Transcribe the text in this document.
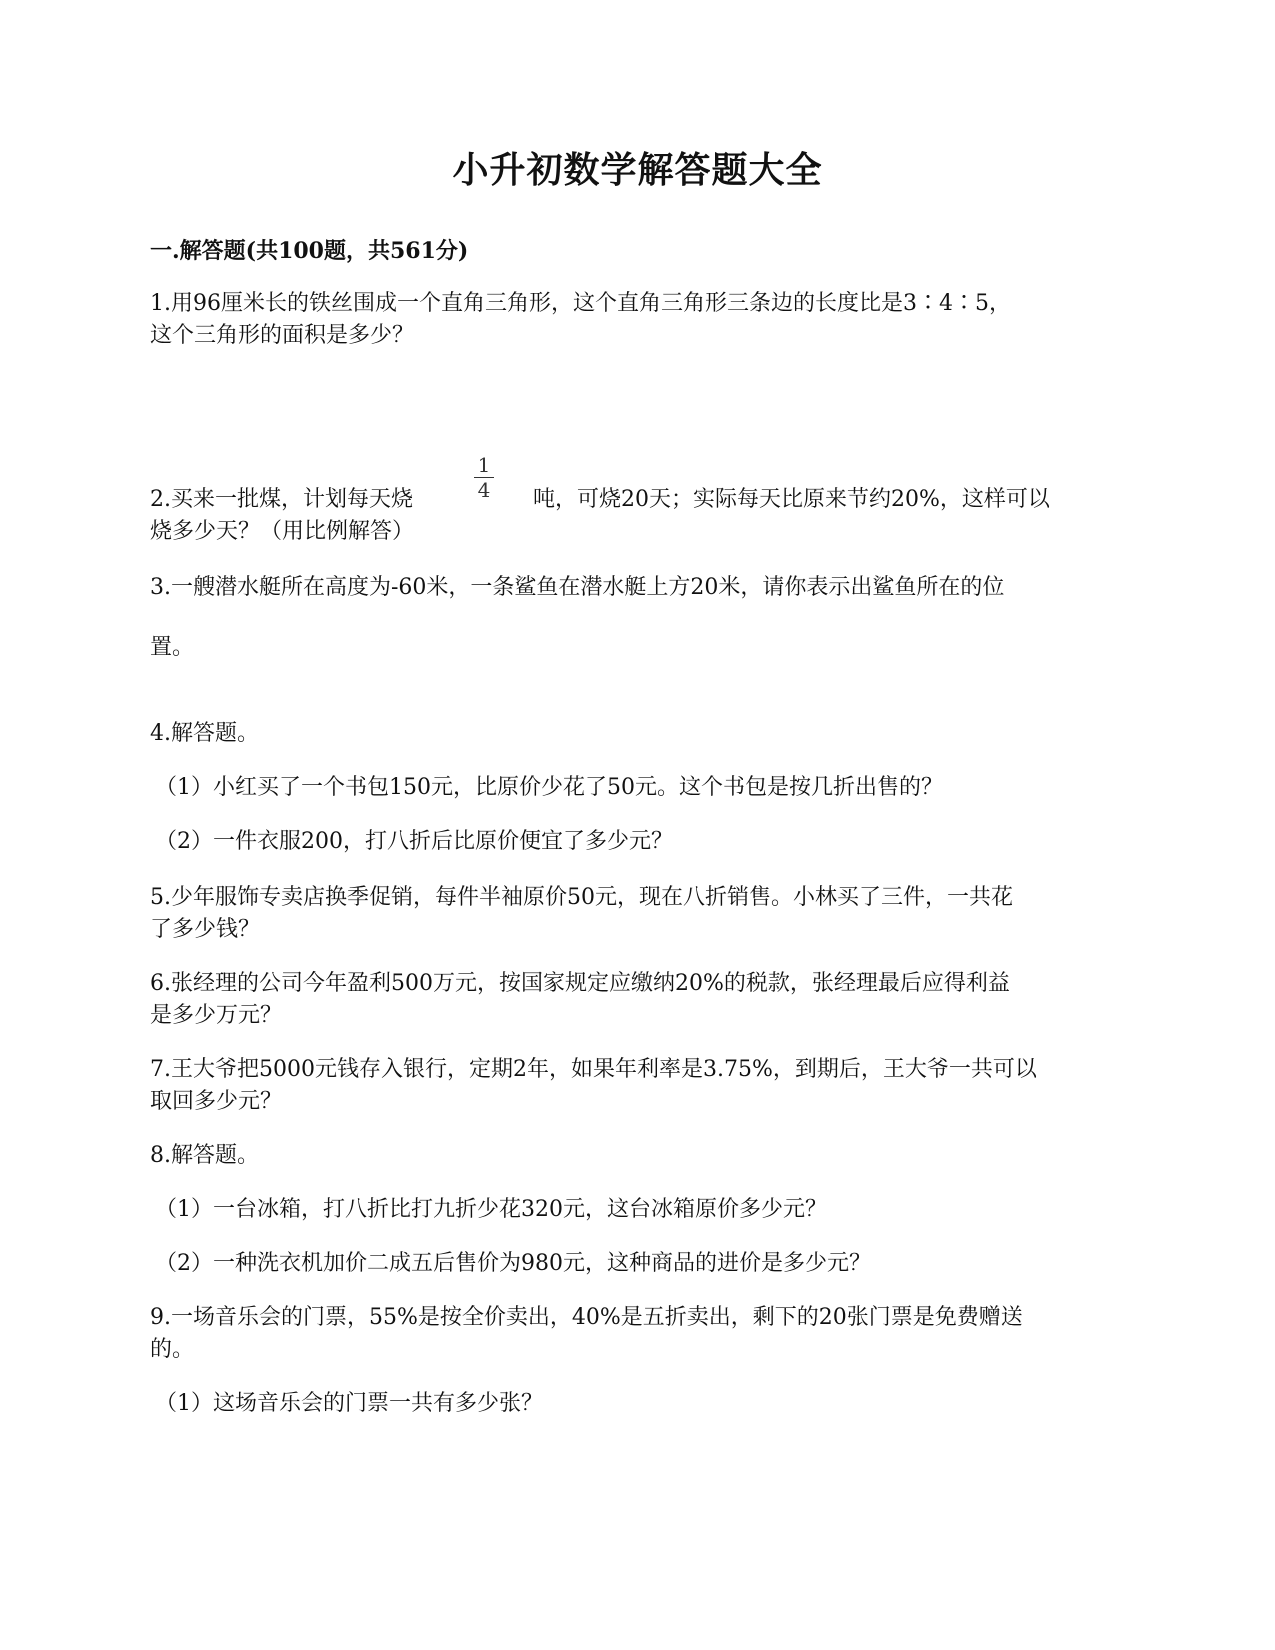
小升初数学解答题大全
一.解答题(共100题，共561分)
1.用96厘米长的铁丝围成一个直角三角形，这个直角三角形三条边的长度比是3∶4∶5，
这个三角形的面积是多少？
2.买来一批煤，计划每天烧
1
4 吨，可烧20天；实际每天比原来节约20%，这样可以
烧多少天？（用比例解答）
3.一艘潜水艇所在高度为-60米，一条鲨鱼在潜水艇上方20米，请你表示出鲨鱼所在的位
置。
4.解答题。
（1）小红买了一个书包150元，比原价少花了50元。这个书包是按几折出售的？
（2）一件衣服200，打八折后比原价便宜了多少元？
5.少年服饰专卖店换季促销，每件半袖原价50元，现在八折销售。小林买了三件，一共花
了多少钱？
6.张经理的公司今年盈利500万元，按国家规定应缴纳20%的税款，张经理最后应得利益
是多少万元？
7.王大爷把5000元钱存入银行，定期2年，如果年利率是3.75%，到期后，王大爷一共可以
取回多少元？
8.解答题。
（1）一台冰箱，打八折比打九折少花320元，这台冰箱原价多少元？
（2）一种洗衣机加价二成五后售价为980元，这种商品的进价是多少元？
9.一场音乐会的门票，55%是按全价卖出，40%是五折卖出，剩下的20张门票是免费赠送
的。
（1）这场音乐会的门票一共有多少张？
